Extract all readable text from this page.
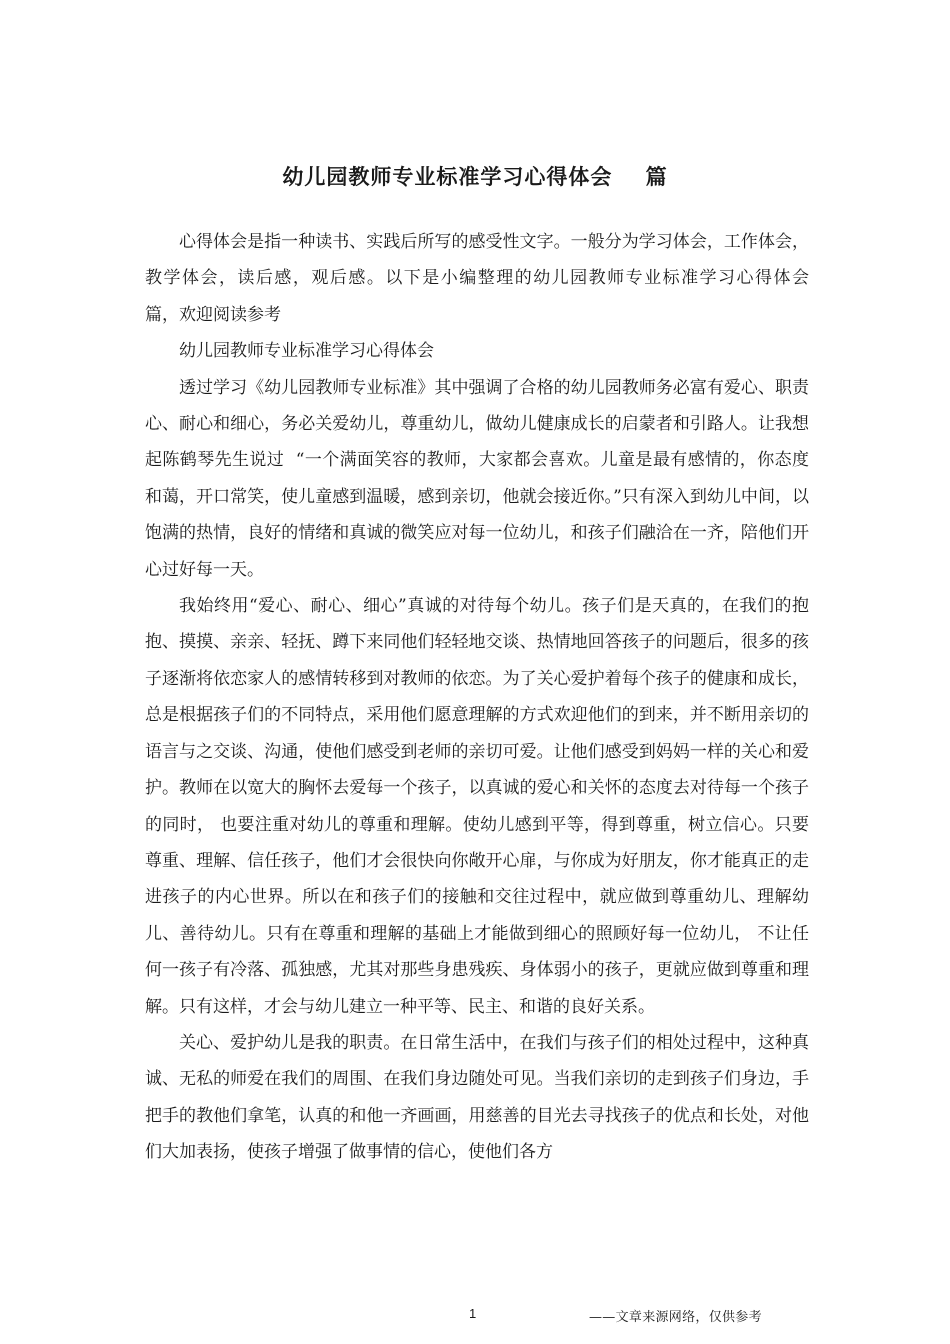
幼儿园教师专业标准学习心得体会    篇

心得体会是指一种读书、实践后所写的感受性文字。一般分为学习体会，工作体会，教学体会，读后感，观后感。以下是小编整理的幼儿园教师专业标准学习心得体会    篇，欢迎阅读参考

幼儿园教师专业标准学习心得体会

透过学习《幼儿园教师专业标准》其中强调了合格的幼儿园教师务必富有爱心、职责心、耐心和细心，务必关爱幼儿，尊重幼儿，做幼儿健康成长的启蒙者和引路人。让我想起陈鹤琴先生说过  “一个满面笑容的教师，大家都会喜欢。儿童是最有感情的，你态度和蔼，开口常笑，使儿童感到温暖，感到亲切，他就会接近你。”只有深入到幼儿中间，以饱满的热情，良好的情绪和真诚的微笑应对每一位幼儿，和孩子们融洽在一齐，陪他们开心过好每一天。

我始终用“爱心、耐心、细心”真诚的对待每个幼儿。孩子们是天真的，在我们的抱抱、摸摸、亲亲、轻抚、蹲下来同他们轻轻地交谈、热情地回答孩子的问题后，很多的孩子逐渐将依恋家人的感情转移到对教师的依恋。为了关心爱护着每个孩子的健康和成长，总是根据孩子们的不同特点，采用他们愿意理解的方式欢迎他们的到来，并不断用亲切的语言与之交谈、沟通，使他们感受到老师的亲切可爱。让他们感受到妈妈一样的关心和爱护。教师在以宽大的胸怀去爱每一个孩子，以真诚的爱心和关怀的态度去对待每一个孩子的同时， 也要注重对幼儿的尊重和理解。使幼儿感到平等，得到尊重，树立信心。只要尊重、理解、信任孩子，他们才会很快向你敞开心扉，与你成为好朋友，你才能真正的走进孩子的内心世界。所以在和孩子们的接触和交往过程中，就应做到尊重幼儿、理解幼儿、善待幼儿。只有在尊重和理解的基础上才能做到细心的照顾好每一位幼儿， 不让任何一孩子有冷落、孤独感，尤其对那些身患残疾、身体弱小的孩子，更就应做到尊重和理解。只有这样，才会与幼儿建立一种平等、民主、和谐的良好关系。

关心、爱护幼儿是我的职责。在日常生活中，在我们与孩子们的相处过程中，这种真诚、无私的师爱在我们的周围、在我们身边随处可见。当我们亲切的走到孩子们身边，手把手的教他们拿笔，认真的和他一齐画画，用慈善的目光去寻找孩子的优点和长处，对他们大加表扬，使孩子增强了做事情的信心，使他们各方

1	——文章来源网络，仅供参考
